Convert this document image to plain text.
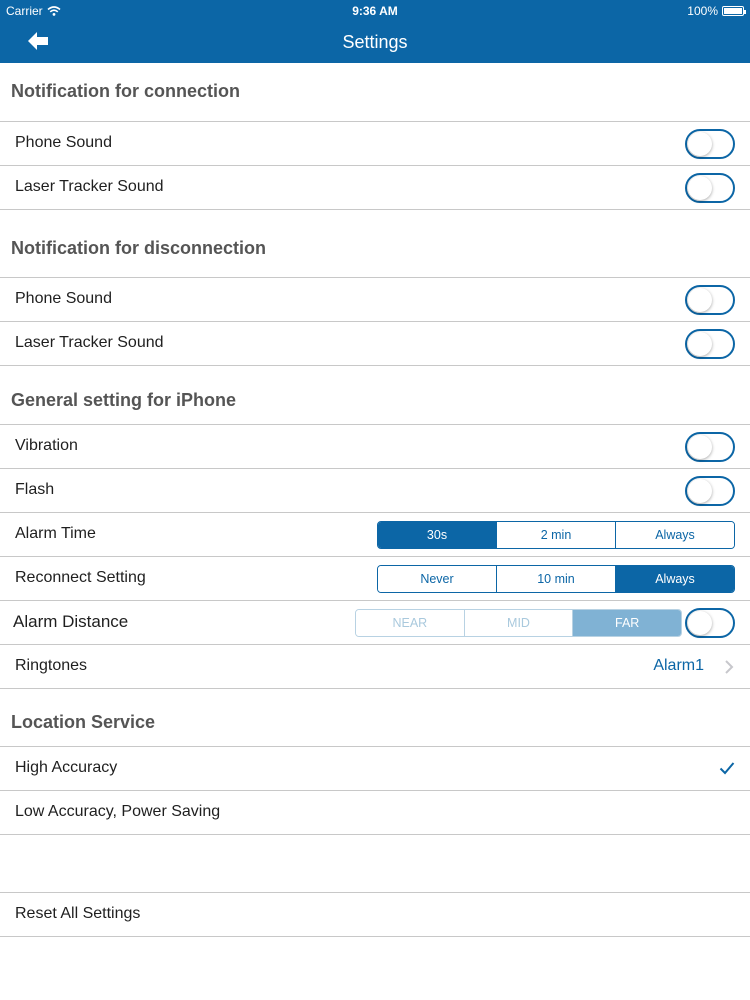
Carrier	9:36 AM	100%
Settings
Notification for connection
Phone Sound
Laser Tracker Sound
Notification for disconnection
Phone Sound
Laser Tracker Sound
General setting for iPhone
Vibration
Flash
Alarm Time	30s	2 min	Always
Reconnect Setting	Never	10 min	Always
Alarm Distance	NEAR	MID	FAR
Ringtones	Alarm1
Location Service
High Accuracy
Low Accuracy, Power Saving
Reset All Settings
